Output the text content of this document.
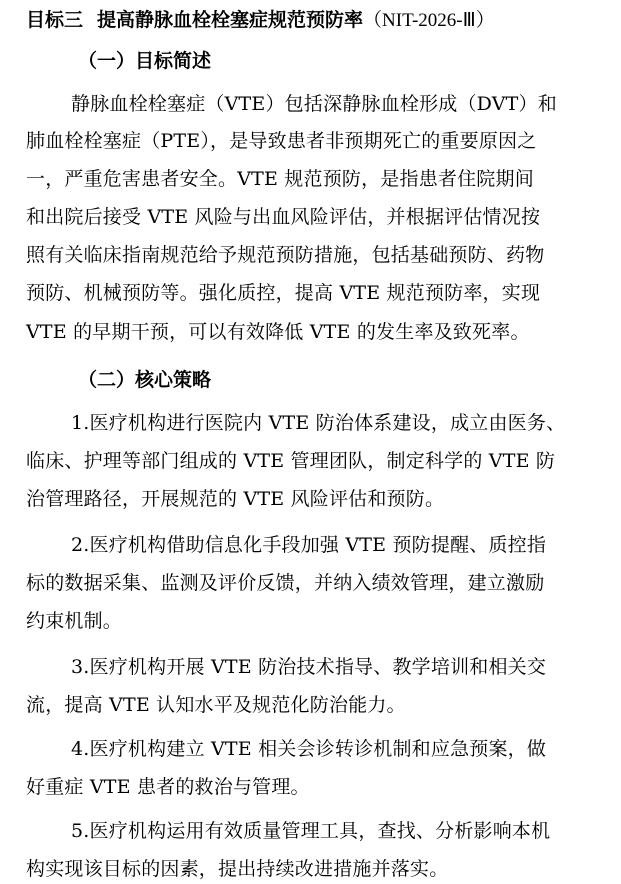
目标三 提高静脉血栓栓塞症规范预防率（NIT-2026-Ⅲ）
（一）目标简述
静脉血栓栓塞症（VTE）包括深静脉血栓形成（DVT）和
肺血栓栓塞症（PTE），是导致患者非预期死亡的重要原因之
一，严重危害患者安全。VTE 规范预防，是指患者住院期间
和出院后接受 VTE 风险与出血风险评估，并根据评估情况按
照有关临床指南规范给予规范预防措施，包括基础预防、药物
预防、机械预防等。强化质控，提高 VTE 规范预防率，实现
VTE 的早期干预，可以有效降低 VTE 的发生率及致死率。
（二）核心策略
1.医疗机构进行医院内 VTE 防治体系建设，成立由医务、
临床、护理等部门组成的 VTE 管理团队，制定科学的 VTE 防
治管理路径，开展规范的 VTE 风险评估和预防。
2.医疗机构借助信息化手段加强 VTE 预防提醒、质控指
标的数据采集、监测及评价反馈，并纳入绩效管理，建立激励
约束机制。
3.医疗机构开展 VTE 防治技术指导、教学培训和相关交
流，提高 VTE 认知水平及规范化防治能力。
4.医疗机构建立 VTE 相关会诊转诊机制和应急预案，做
好重症 VTE 患者的救治与管理。
5.医疗机构运用有效质量管理工具，查找、分析影响本机
构实现该目标的因素，提出持续改进措施并落实。
